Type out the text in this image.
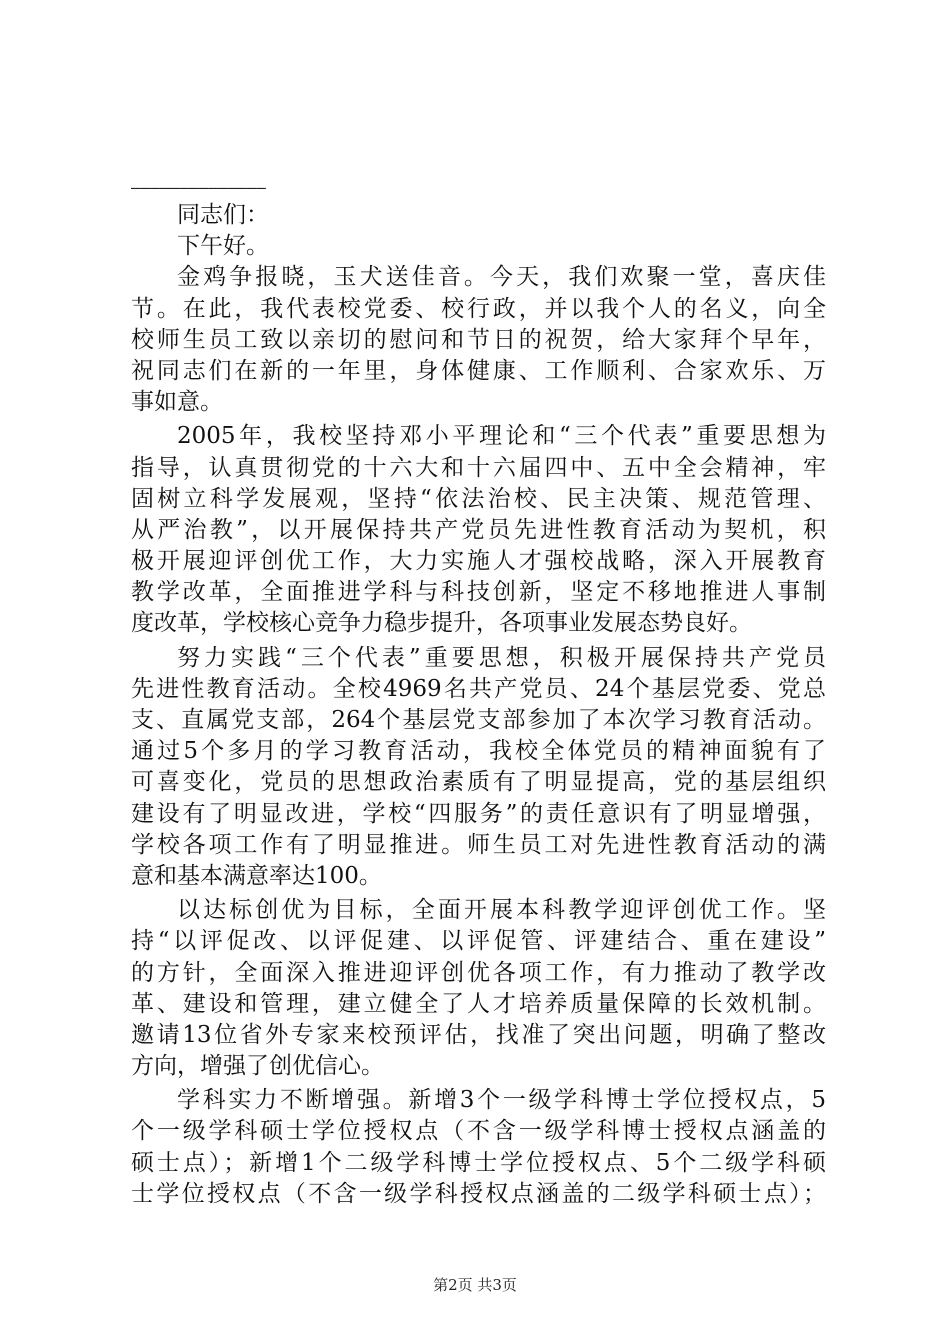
——————————————
同志们：
下午好。
金鸡争报晓，玉犬送佳音。今天，我们欢聚一堂，喜庆佳
节。在此，我代表校党委、校行政，并以我个人的名义，向全
校师生员工致以亲切的慰问和节日的祝贺，给大家拜个早年，
祝同志们在新的一年里，身体健康、工作顺利、合家欢乐、万
事如意。
2005年，我校坚持邓小平理论和“三个代表”重要思想为
指导，认真贯彻党的十六大和十六届四中、五中全会精神，牢
固树立科学发展观，坚持“依法治校、民主决策、规范管理、
从严治教”，以开展保持共产党员先进性教育活动为契机，积
极开展迎评创优工作，大力实施人才强校战略，深入开展教育
教学改革，全面推进学科与科技创新，坚定不移地推进人事制
度改革，学校核心竞争力稳步提升，各项事业发展态势良好。
努力实践“三个代表”重要思想，积极开展保持共产党员
先进性教育活动。全校4969名共产党员、24个基层党委、党总
支、直属党支部，264个基层党支部参加了本次学习教育活动。
通过5个多月的学习教育活动，我校全体党员的精神面貌有了
可喜变化，党员的思想政治素质有了明显提高，党的基层组织
建设有了明显改进，学校“四服务”的责任意识有了明显增强，
学校各项工作有了明显推进。师生员工对先进性教育活动的满
意和基本满意率达100。
以达标创优为目标，全面开展本科教学迎评创优工作。坚
持“以评促改、以评促建、以评促管、评建结合、重在建设”
的方针，全面深入推进迎评创优各项工作，有力推动了教学改
革、建设和管理，建立健全了人才培养质量保障的长效机制。
邀请13位省外专家来校预评估，找准了突出问题，明确了整改
方向，增强了创优信心。
学科实力不断增强。新增3个一级学科博士学位授权点，5
个一级学科硕士学位授权点（不含一级学科博士授权点涵盖的
硕士点）；新增1个二级学科博士学位授权点、5个二级学科硕
士学位授权点（不含一级学科授权点涵盖的二级学科硕士点）；
第2页 共3页
